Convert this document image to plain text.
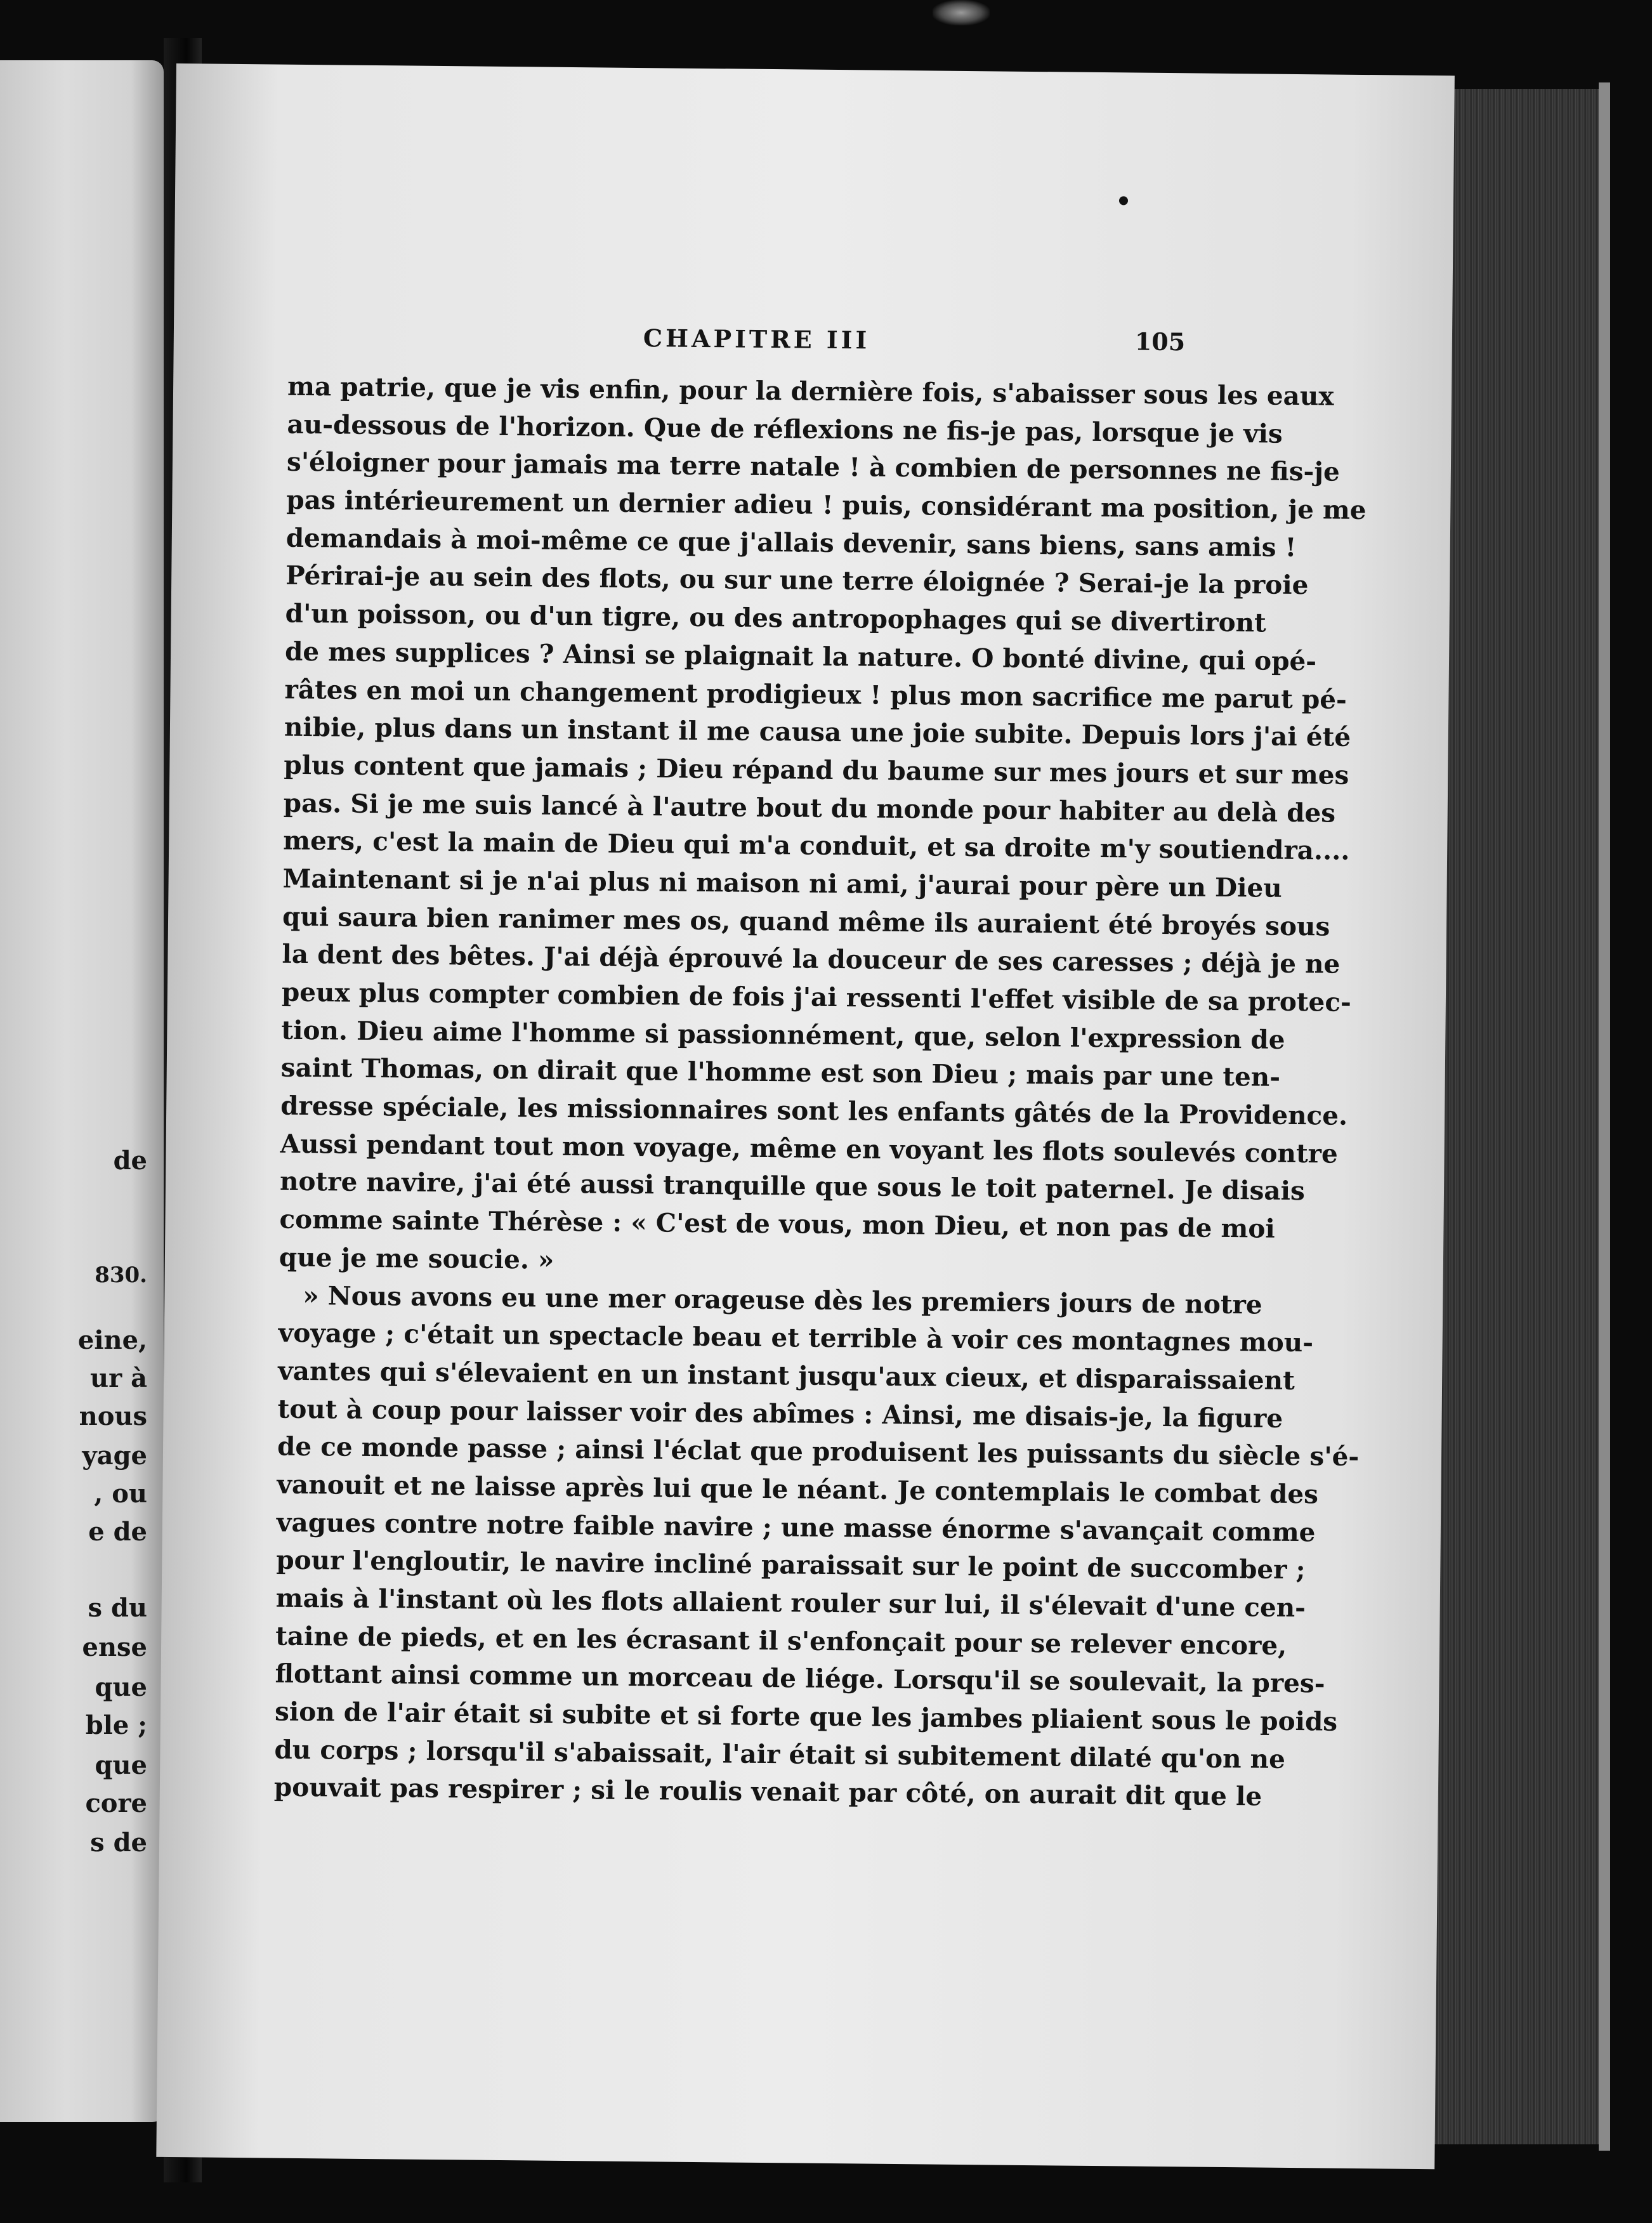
de
830.
eine,
ur à
nous
yage
, ou
e de
s du
ense
que
ble ;
que
core
s de
CHAPITRE III	105
ma patrie, que je vis enfin, pour la dernière fois, s'abaisser sous les eaux
au-dessous de l'horizon. Que de réflexions ne fis-je pas, lorsque je vis
s'éloigner pour jamais ma terre natale ! à combien de personnes ne fis-je
pas intérieurement un dernier adieu ! puis, considérant ma position, je me
demandais à moi-même ce que j'allais devenir, sans biens, sans amis !
Périrai-je au sein des flots, ou sur une terre éloignée ? Serai-je la proie
d'un poisson, ou d'un tigre, ou des antropophages qui se divertiront
de mes supplices ? Ainsi se plaignait la nature. O bonté divine, qui opé-
râtes en moi un changement prodigieux ! plus mon sacrifice me parut pé-
nibie, plus dans un instant il me causa une joie subite. Depuis lors j'ai été
plus content que jamais ; Dieu répand du baume sur mes jours et sur mes
pas. Si je me suis lancé à l'autre bout du monde pour habiter au delà des
mers, c'est la main de Dieu qui m'a conduit, et sa droite m'y soutiendra....
Maintenant si je n'ai plus ni maison ni ami, j'aurai pour père un Dieu
qui saura bien ranimer mes os, quand même ils auraient été broyés sous
la dent des bêtes. J'ai déjà éprouvé la douceur de ses caresses ; déjà je ne
peux plus compter combien de fois j'ai ressenti l'effet visible de sa protec-
tion. Dieu aime l'homme si passionnément, que, selon l'expression de
saint Thomas, on dirait que l'homme est son Dieu ; mais par une ten-
dresse spéciale, les missionnaires sont les enfants gâtés de la Providence.
Aussi pendant tout mon voyage, même en voyant les flots soulevés contre
notre navire, j'ai été aussi tranquille que sous le toit paternel. Je disais
comme sainte Thérèse : « C'est de vous, mon Dieu, et non pas de moi
que je me soucie. »
» Nous avons eu une mer orageuse dès les premiers jours de notre
voyage ; c'était un spectacle beau et terrible à voir ces montagnes mou-
vantes qui s'élevaient en un instant jusqu'aux cieux, et disparaissaient
tout à coup pour laisser voir des abîmes : Ainsi, me disais-je, la figure
de ce monde passe ; ainsi l'éclat que produisent les puissants du siècle s'é-
vanouit et ne laisse après lui que le néant. Je contemplais le combat des
vagues contre notre faible navire ; une masse énorme s'avançait comme
pour l'engloutir, le navire incliné paraissait sur le point de succomber ;
mais à l'instant où les flots allaient rouler sur lui, il s'élevait d'une cen-
taine de pieds, et en les écrasant il s'enfonçait pour se relever encore,
flottant ainsi comme un morceau de liége. Lorsqu'il se soulevait, la pres-
sion de l'air était si subite et si forte que les jambes pliaient sous le poids
du corps ; lorsqu'il s'abaissait, l'air était si subitement dilaté qu'on ne
pouvait pas respirer ; si le roulis venait par côté, on aurait dit que le
